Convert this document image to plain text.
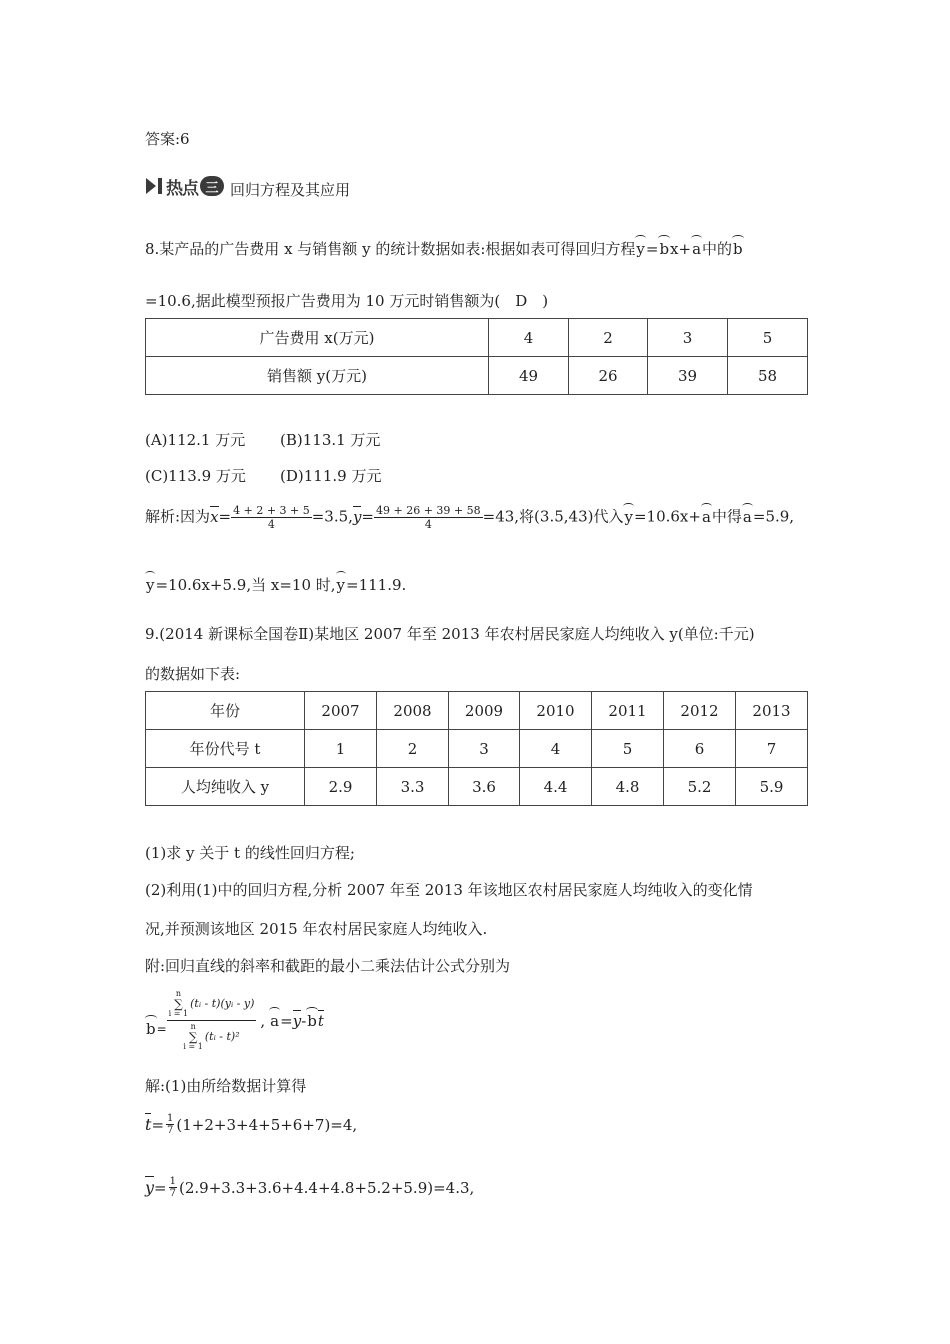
答案:6
热点 三 回归方程及其应用
8.某产品的广告费用 x 与销售额 y 的统计数据如表:根据如表可得回归方程y=bx+a中的b
=10.6,据此模型预报广告费用为 10 万元时销售额为(　D　)
广告费用 x(万元)	4	2	3	5
销售额 y(万元)	49	26	39	58
(A)112.1 万元 (B)113.1 万元
(C)113.9 万元 (D)111.9 万元
解析:因为$x= \frac{4 + 2 + 3 + 5}{4} =3.5,y= \frac{49 + 26 + 39 + 58}{4} =43$,将(3.5,43)代入y=10.6x+a中得a=5.9,
y=10.6x+5.9,当 x=10 时,y=111.9.
9.(2014 新课标全国卷Ⅱ)某地区 2007 年至 2013 年农村居民家庭人均纯收入 y(单位:千元)
的数据如下表:
年份	2007	2008	2009	2010	2011	2012	2013
年份代号 t	1	2	3	4	5	6	7
人均纯收入 y	2.9	3.3	3.6	4.4	4.8	5.2	5.9
(1)求 y 关于 t 的线性回归方程;
(2)利用(1)中的回归方程,分析 2007 年至 2013 年该地区农村居民家庭人均纯收入的变化情
况,并预测该地区 2015 年农村居民家庭人均纯收入.
附:回归直线的斜率和截距的最小二乘法估计公式分别为
b = n
∑
i = 1
(tᵢ - t)(yᵢ - y)
n
∑
i = 1
(tᵢ - t)² , a = y - b t
解:(1)由所给数据计算得
$t = \frac{1}{7} (1+2+3+4+5+6+7)=4$,
$y = \frac{1}{7} (2.9+3.3+3.6+4.4+4.8+5.2+5.9)=4.3$,
